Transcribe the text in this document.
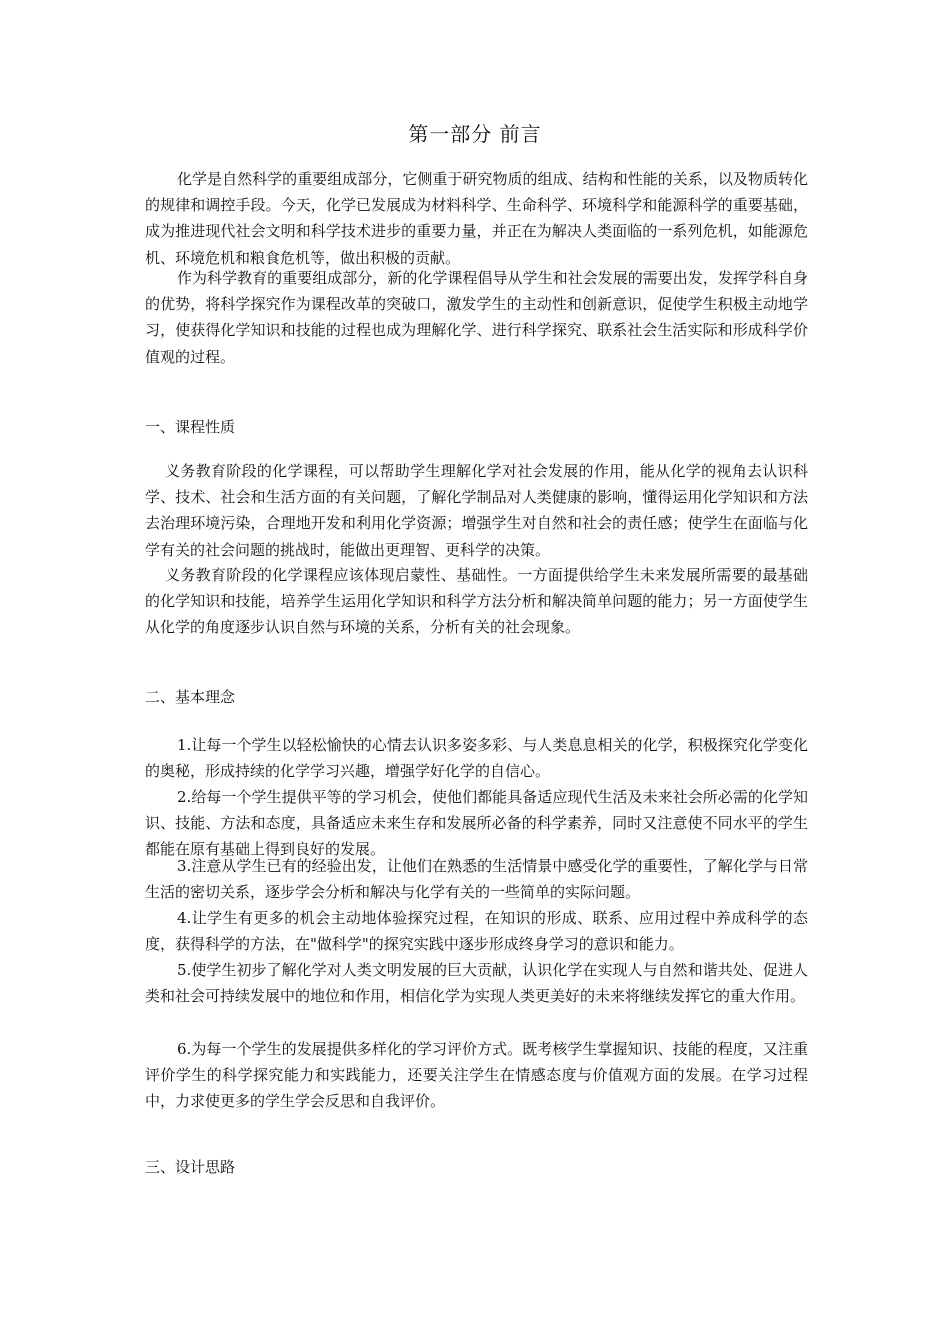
第一部分 前言

化学是自然科学的重要组成部分，它侧重于研究物质的组成、结构和性能的关系，以及物质转化的规律和调控手段。今天，化学已发展成为材料科学、生命科学、环境科学和能源科学的重要基础，成为推进现代社会文明和科学技术进步的重要力量，并正在为解决人类面临的一系列危机，如能源危机、环境危机和粮食危机等，做出积极的贡献。

作为科学教育的重要组成部分，新的化学课程倡导从学生和社会发展的需要出发，发挥学科自身的优势，将科学探究作为课程改革的突破口，激发学生的主动性和创新意识，促使学生积极主动地学习，使获得化学知识和技能的过程也成为理解化学、进行科学探究、联系社会生活实际和形成科学价值观的过程。

一、课程性质

义务教育阶段的化学课程，可以帮助学生理解化学对社会发展的作用，能从化学的视角去认识科学、技术、社会和生活方面的有关问题，了解化学制品对人类健康的影响，懂得运用化学知识和方法去治理环境污染，合理地开发和利用化学资源；增强学生对自然和社会的责任感；使学生在面临与化学有关的社会问题的挑战时，能做出更理智、更科学的决策。

义务教育阶段的化学课程应该体现启蒙性、基础性。一方面提供给学生未来发展所需要的最基础的化学知识和技能，培养学生运用化学知识和科学方法分析和解决简单问题的能力；另一方面使学生从化学的角度逐步认识自然与环境的关系，分析有关的社会现象。

二、基本理念

1.让每一个学生以轻松愉快的心情去认识多姿多彩、与人类息息相关的化学，积极探究化学变化的奥秘，形成持续的化学学习兴趣，增强学好化学的自信心。

2.给每一个学生提供平等的学习机会，使他们都能具备适应现代生活及未来社会所必需的化学知识、技能、方法和态度，具备适应未来生存和发展所必备的科学素养，同时又注意使不同水平的学生都能在原有基础上得到良好的发展。

3.注意从学生已有的经验出发，让他们在熟悉的生活情景中感受化学的重要性，了解化学与日常生活的密切关系，逐步学会分析和解决与化学有关的一些简单的实际问题。

4.让学生有更多的机会主动地体验探究过程，在知识的形成、联系、应用过程中养成科学的态度，获得科学的方法，在"做科学"的探究实践中逐步形成终身学习的意识和能力。

5.使学生初步了解化学对人类文明发展的巨大贡献，认识化学在实现人与自然和谐共处、促进人类和社会可持续发展中的地位和作用，相信化学为实现人类更美好的未来将继续发挥它的重大作用。

6.为每一个学生的发展提供多样化的学习评价方式。既考核学生掌握知识、技能的程度，又注重评价学生的科学探究能力和实践能力，还要关注学生在情感态度与价值观方面的发展。在学习过程中，力求使更多的学生学会反思和自我评价。

三、设计思路
